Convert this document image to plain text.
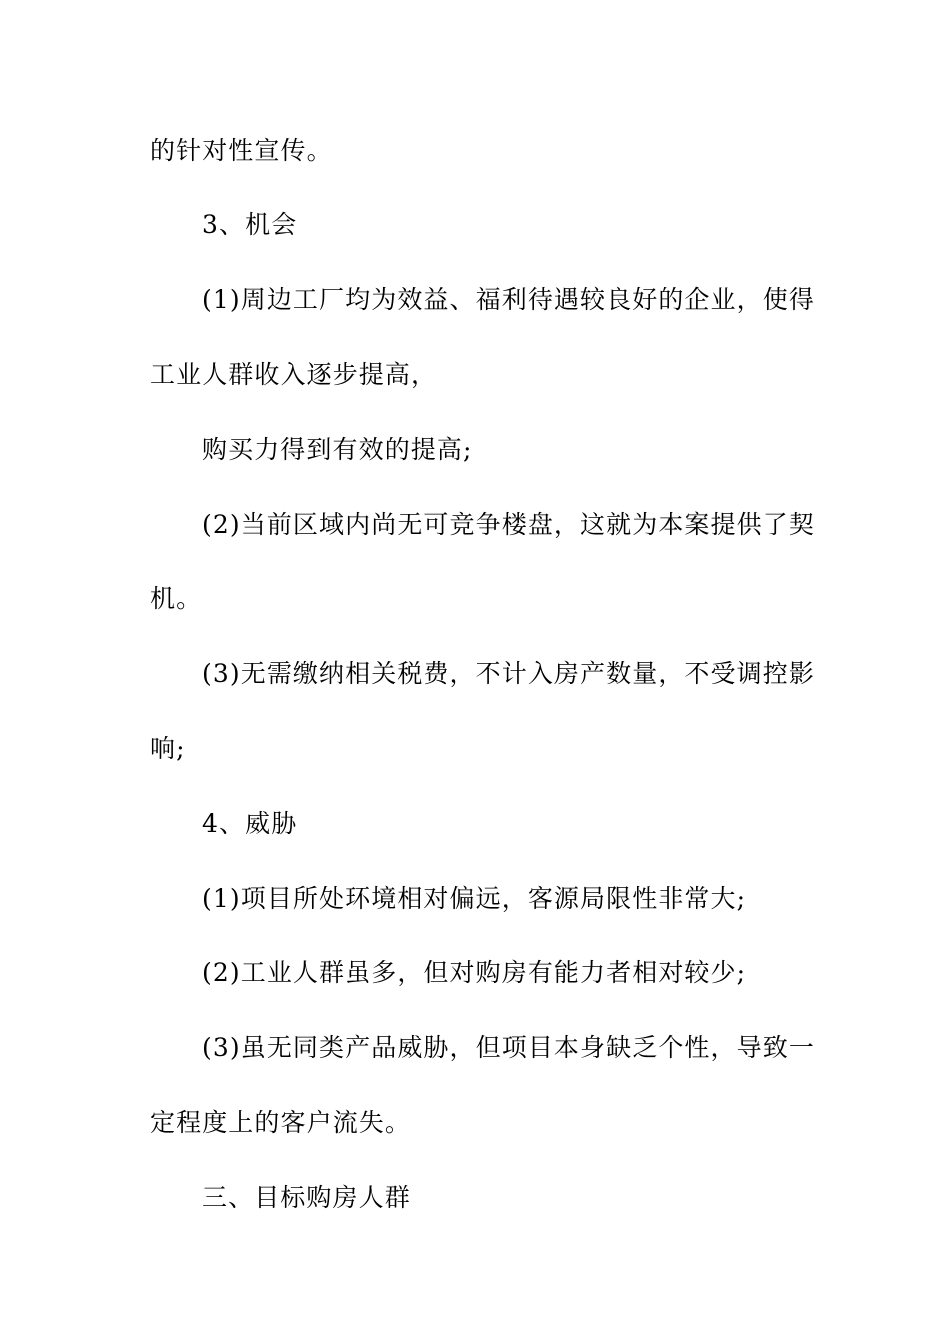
的针对性宣传。
3、机会
(1)周边工厂均为效益、福利待遇较良好的企业，使得
工业人群收入逐步提高，
购买力得到有效的提高;
(2)当前区域内尚无可竞争楼盘，这就为本案提供了契
机。
(3)无需缴纳相关税费，不计入房产数量，不受调控影
响;
4、威胁
(1)项目所处环境相对偏远，客源局限性非常大;
(2)工业人群虽多，但对购房有能力者相对较少;
(3)虽无同类产品威胁，但项目本身缺乏个性，导致一
定程度上的客户流失。
三、目标购房人群
